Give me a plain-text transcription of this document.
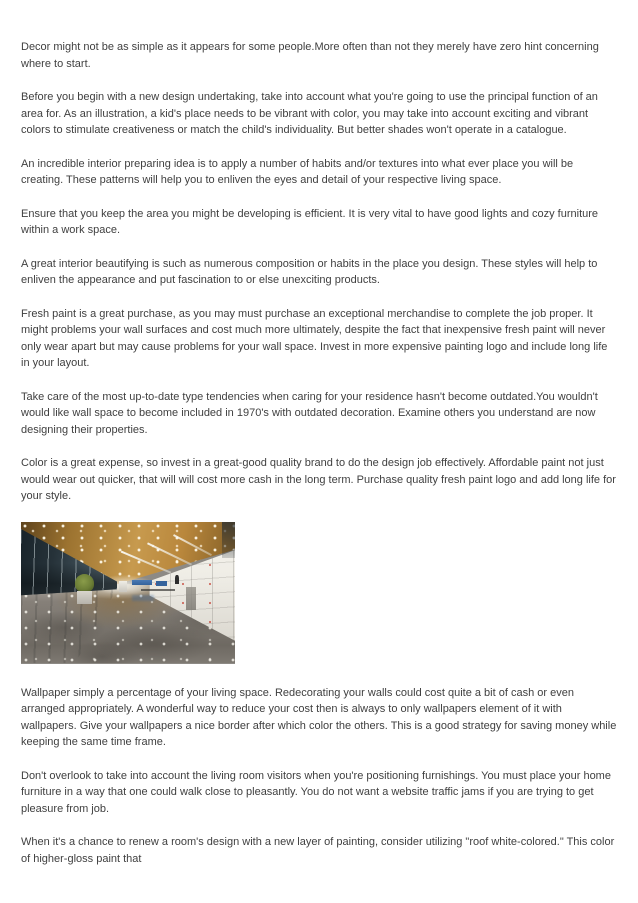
Decor might not be as simple as it appears for some people.More often than not they merely have zero hint concerning where to start.

Before you begin with a new design undertaking, take into account what you're going to use the principal function of an area for. As an illustration, a kid's place needs to be vibrant with color, you may take into account exciting and vibrant colors to stimulate creativeness or match the child's individuality. But better shades won't operate in a catalogue.

An incredible interior preparing idea is to apply a number of habits and/or textures into what ever place you will be creating. These patterns will help you to enliven the eyes and detail of your respective living space.

Ensure that you keep the area you might be developing is efficient. It is very vital to have good lights and cozy furniture within a work space.

A great interior beautifying is such as numerous composition or habits in the place you design. These styles will help to enliven the appearance and put fascination to or else unexciting products.

Fresh paint is a great purchase, as you may must purchase an exceptional merchandise to complete the job proper. It might problems your wall surfaces and cost much more ultimately, despite the fact that inexpensive fresh paint will never only wear apart but may cause problems for your wall space. Invest in more expensive painting logo and include long life in your layout.

Take care of the most up-to-date type tendencies when caring for your residence hasn't become outdated.You wouldn't would like wall space to become included in 1970's with outdated decoration. Examine others you understand are now designing their properties.

Color is a great expense, so invest in a great-good quality brand to do the design job effectively. Affordable paint not just would wear out quicker, that will will cost more cash in the long term. Purchase quality fresh paint logo and add long life for your style.

Wallpaper simply a percentage of your living space. Redecorating your walls could cost quite a bit of cash or even arranged appropriately. A wonderful way to reduce your cost then is always to only wallpapers element of it with wallpapers. Give your wallpapers a nice border after which color the others. This is a good strategy for saving money while keeping the same time frame.

Don't overlook to take into account the living room visitors when you're positioning furnishings. You must place your home furniture in a way that one could walk close to pleasantly. You do not want a website traffic jams if you are trying to get pleasure from job.

When it's a chance to renew a room's design with a new layer of painting, consider utilizing "roof white-colored." This color of higher-gloss paint that
